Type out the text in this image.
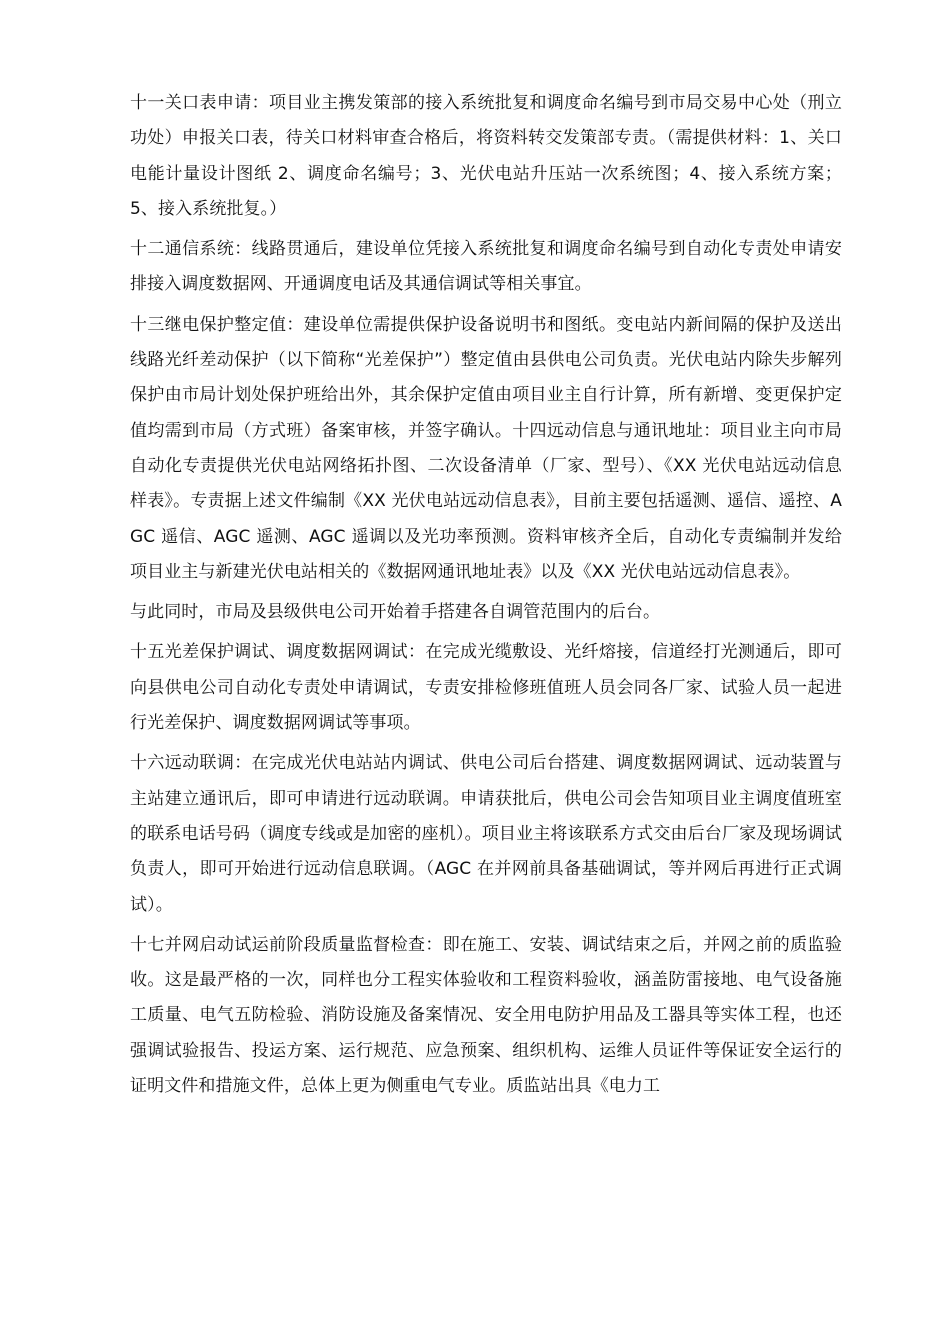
十一关口表申请：项目业主携发策部的接入系统批复和调度命名编号到市局交易中心处（刑立功处）申报关口表，待关口材料审查合格后，将资料转交发策部专责。（需提供材料：1、关口电能计量设计图纸 2、调度命名编号；3、光伏电站升压站一次系统图；4、接入系统方案；5、接入系统批复。）

十二通信系统：线路贯通后，建设单位凭接入系统批复和调度命名编号到自动化专责处申请安排接入调度数据网、开通调度电话及其通信调试等相关事宜。

十三继电保护整定值：建设单位需提供保护设备说明书和图纸。变电站内新间隔的保护及送出线路光纤差动保护（以下简称“光差保护”）整定值由县供电公司负责。光伏电站内除失步解列保护由市局计划处保护班给出外，其余保护定值由项目业主自行计算，所有新增、变更保护定值均需到市局（方式班）备案审核，并签字确认。十四远动信息与通讯地址：项目业主向市局自动化专责提供光伏电站网络拓扑图、二次设备清单（厂家、型号）、《XX 光伏电站远动信息样表》。专责据上述文件编制《XX 光伏电站远动信息表》，目前主要包括遥测、遥信、遥控、AGC 遥信、AGC 遥测、AGC 遥调以及光功率预测。资料审核齐全后，自动化专责编制并发给项目业主与新建光伏电站相关的《数据网通讯地址表》以及《XX 光伏电站远动信息表》。

与此同时，市局及县级供电公司开始着手搭建各自调管范围内的后台。

十五光差保护调试、调度数据网调试：在完成光缆敷设、光纤熔接，信道经打光测通后，即可向县供电公司自动化专责处申请调试，专责安排检修班值班人员会同各厂家、试验人员一起进行光差保护、调度数据网调试等事项。

十六远动联调：在完成光伏电站站内调试、供电公司后台搭建、调度数据网调试、远动装置与主站建立通讯后，即可申请进行远动联调。申请获批后，供电公司会告知项目业主调度值班室的联系电话号码（调度专线或是加密的座机）。项目业主将该联系方式交由后台厂家及现场调试负责人，即可开始进行远动信息联调。（AGC 在并网前具备基础调试，等并网后再进行正式调试）。

十七并网启动试运前阶段质量监督检查：即在施工、安装、调试结束之后，并网之前的质监验收。这是最严格的一次，同样也分工程实体验收和工程资料验收，涵盖防雷接地、电气设备施工质量、电气五防检验、消防设施及备案情况、安全用电防护用品及工器具等实体工程，也还强调试验报告、投运方案、运行规范、应急预案、组织机构、运维人员证件等保证安全运行的证明文件和措施文件，总体上更为侧重电气专业。质监站出具《电力工
